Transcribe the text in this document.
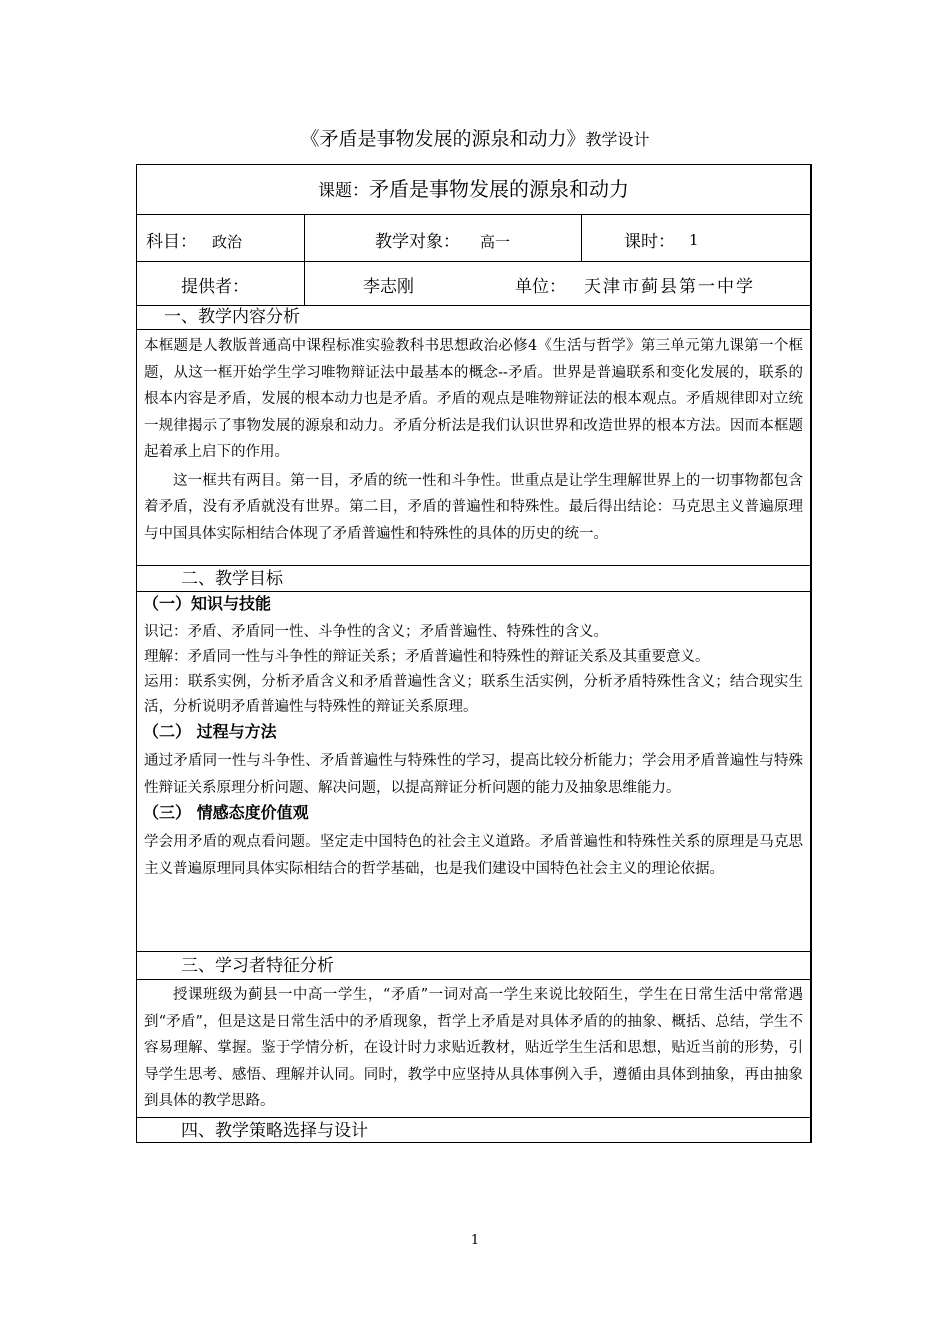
《矛盾是事物发展的源泉和动力》教学设计
课题：矛盾是事物发展的源泉和动力
科目： 政治	教学对象： 高一	课时： 1
提供者：	李志刚	单位： 天津市蓟县第一中学
一、教学内容分析
本框题是人教版普通高中课程标准实验教科书思想政治必修4《生活与哲学》第三单元第九课第一个框题，从这一框开始学生学习唯物辩证法中最基本的概念--矛盾。世界是普遍联系和变化发展的，联系的根本内容是矛盾，发展的根本动力也是矛盾。矛盾的观点是唯物辩证法的根本观点。矛盾规律即对立统一规律揭示了事物发展的源泉和动力。矛盾分析法是我们认识世界和改造世界的根本方法。因而本框题起着承上启下的作用。
这一框共有两目。第一目，矛盾的统一性和斗争性。世重点是让学生理解世界上的一切事物都包含着矛盾，没有矛盾就没有世界。第二目，矛盾的普遍性和特殊性。最后得出结论：马克思主义普遍原理与中国具体实际相结合体现了矛盾普遍性和特殊性的具体的历史的统一。
二、教学目标
（一）知识与技能
识记：矛盾、矛盾同一性、斗争性的含义；矛盾普遍性、特殊性的含义。
理解：矛盾同一性与斗争性的辩证关系；矛盾普遍性和特殊性的辩证关系及其重要意义。
运用：联系实例，分析矛盾含义和矛盾普遍性含义；联系生活实例，分析矛盾特殊性含义；结合现实生活，分析说明矛盾普遍性与特殊性的辩证关系原理。
（二） 过程与方法
通过矛盾同一性与斗争性、矛盾普遍性与特殊性的学习，提高比较分析能力；学会用矛盾普遍性与特殊性辩证关系原理分析问题、解决问题，以提高辩证分析问题的能力及抽象思维能力。
（三） 情感态度价值观
学会用矛盾的观点看问题。坚定走中国特色的社会主义道路。矛盾普遍性和特殊性关系的原理是马克思主义普遍原理同具体实际相结合的哲学基础，也是我们建设中国特色社会主义的理论依据。
三、学习者特征分析
授课班级为蓟县一中高一学生，“矛盾”一词对高一学生来说比较陌生，学生在日常生活中常常遇到“矛盾”，但是这是日常生活中的矛盾现象，哲学上矛盾是对具体矛盾的的抽象、概括、总结，学生不容易理解、掌握。鉴于学情分析，在设计时力求贴近教材，贴近学生生活和思想，贴近当前的形势，引导学生思考、感悟、理解并认同。同时，教学中应坚持从具体事例入手，遵循由具体到抽象，再由抽象到具体的教学思路。
四、教学策略选择与设计
1
